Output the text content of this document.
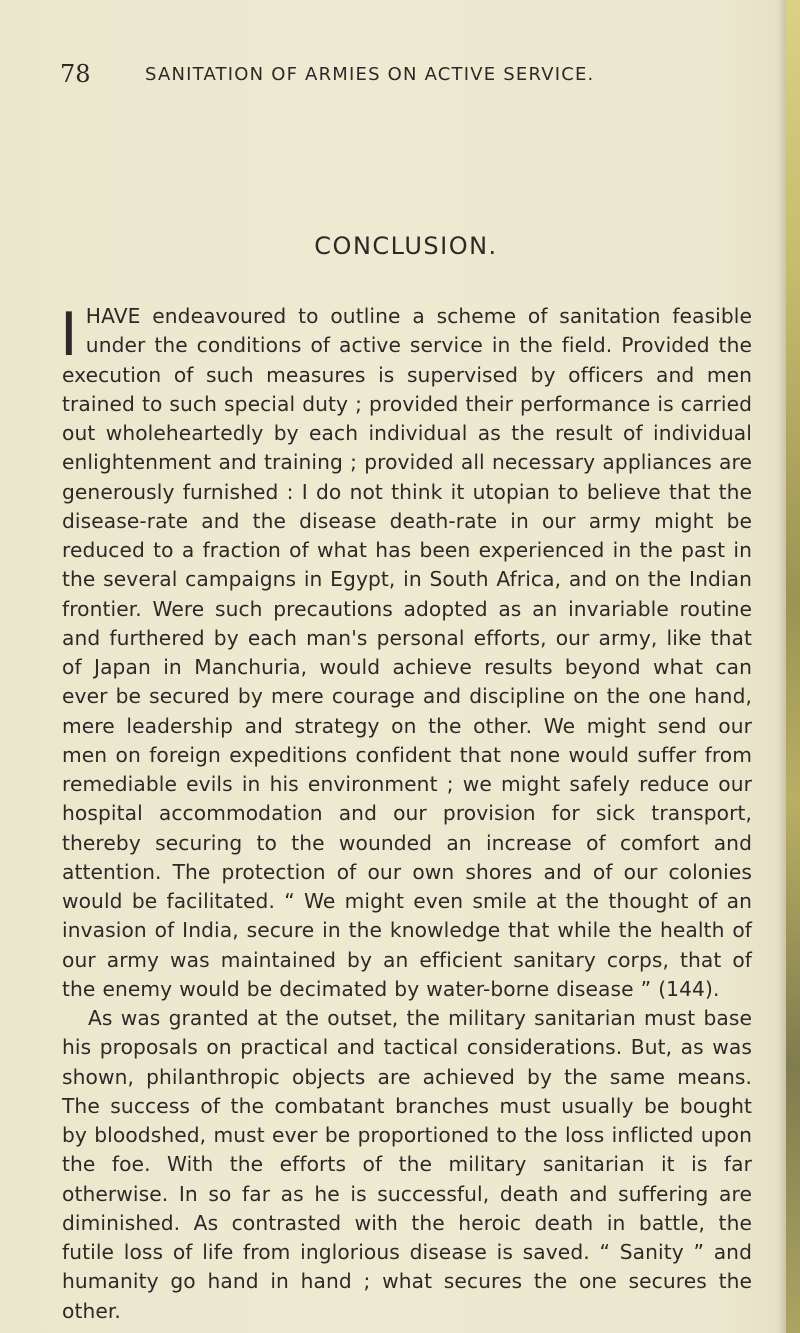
78	SANITATION OF ARMIES ON ACTIVE SERVICE.
CONCLUSION.

IHAVE endeavoured to outline a scheme of sanitation feasible under the conditions of active service in the field. Provided the execution of such measures is supervised by officers and men trained to such special duty ; provided their performance is carried out wholeheartedly by each individual as the result of individual enlightenment and training ; provided all necessary appliances are generously furnished : I do not think it utopian to believe that the disease-rate and the disease death-rate in our army might be reduced to a fraction of what has been experienced in the past in the several campaigns in Egypt, in South Africa, and on the Indian frontier. Were such precautions adopted as an invariable routine and furthered by each man's personal efforts, our army, like that of Japan in Manchuria, would achieve results beyond what can ever be secured by mere courage and discipline on the one hand, mere leadership and strategy on the other. We might send our men on foreign expeditions confident that none would suffer from remediable evils in his environment ; we might safely reduce our hospital accommodation and our provision for sick transport, thereby securing to the wounded an increase of comfort and attention. The protection of our own shores and of our colonies would be facilitated. “ We might even smile at the thought of an invasion of India, secure in the knowledge that while the health of our army was maintained by an efficient sanitary corps, that of the enemy would be decimated by water-borne disease ” (144).

As was granted at the outset, the military sanitarian must base his proposals on practical and tactical considerations. But, as was shown, philanthropic objects are achieved by the same means. The success of the combatant branches must usually be bought by bloodshed, must ever be proportioned to the loss inflicted upon the foe. With the efforts of the military sanitarian it is far otherwise. In so far as he is successful, death and suffering are diminished. As contrasted with the heroic death in battle, the futile loss of life from inglorious disease is saved. “ Sanity ” and humanity go hand in hand ; what secures the one secures the other.
